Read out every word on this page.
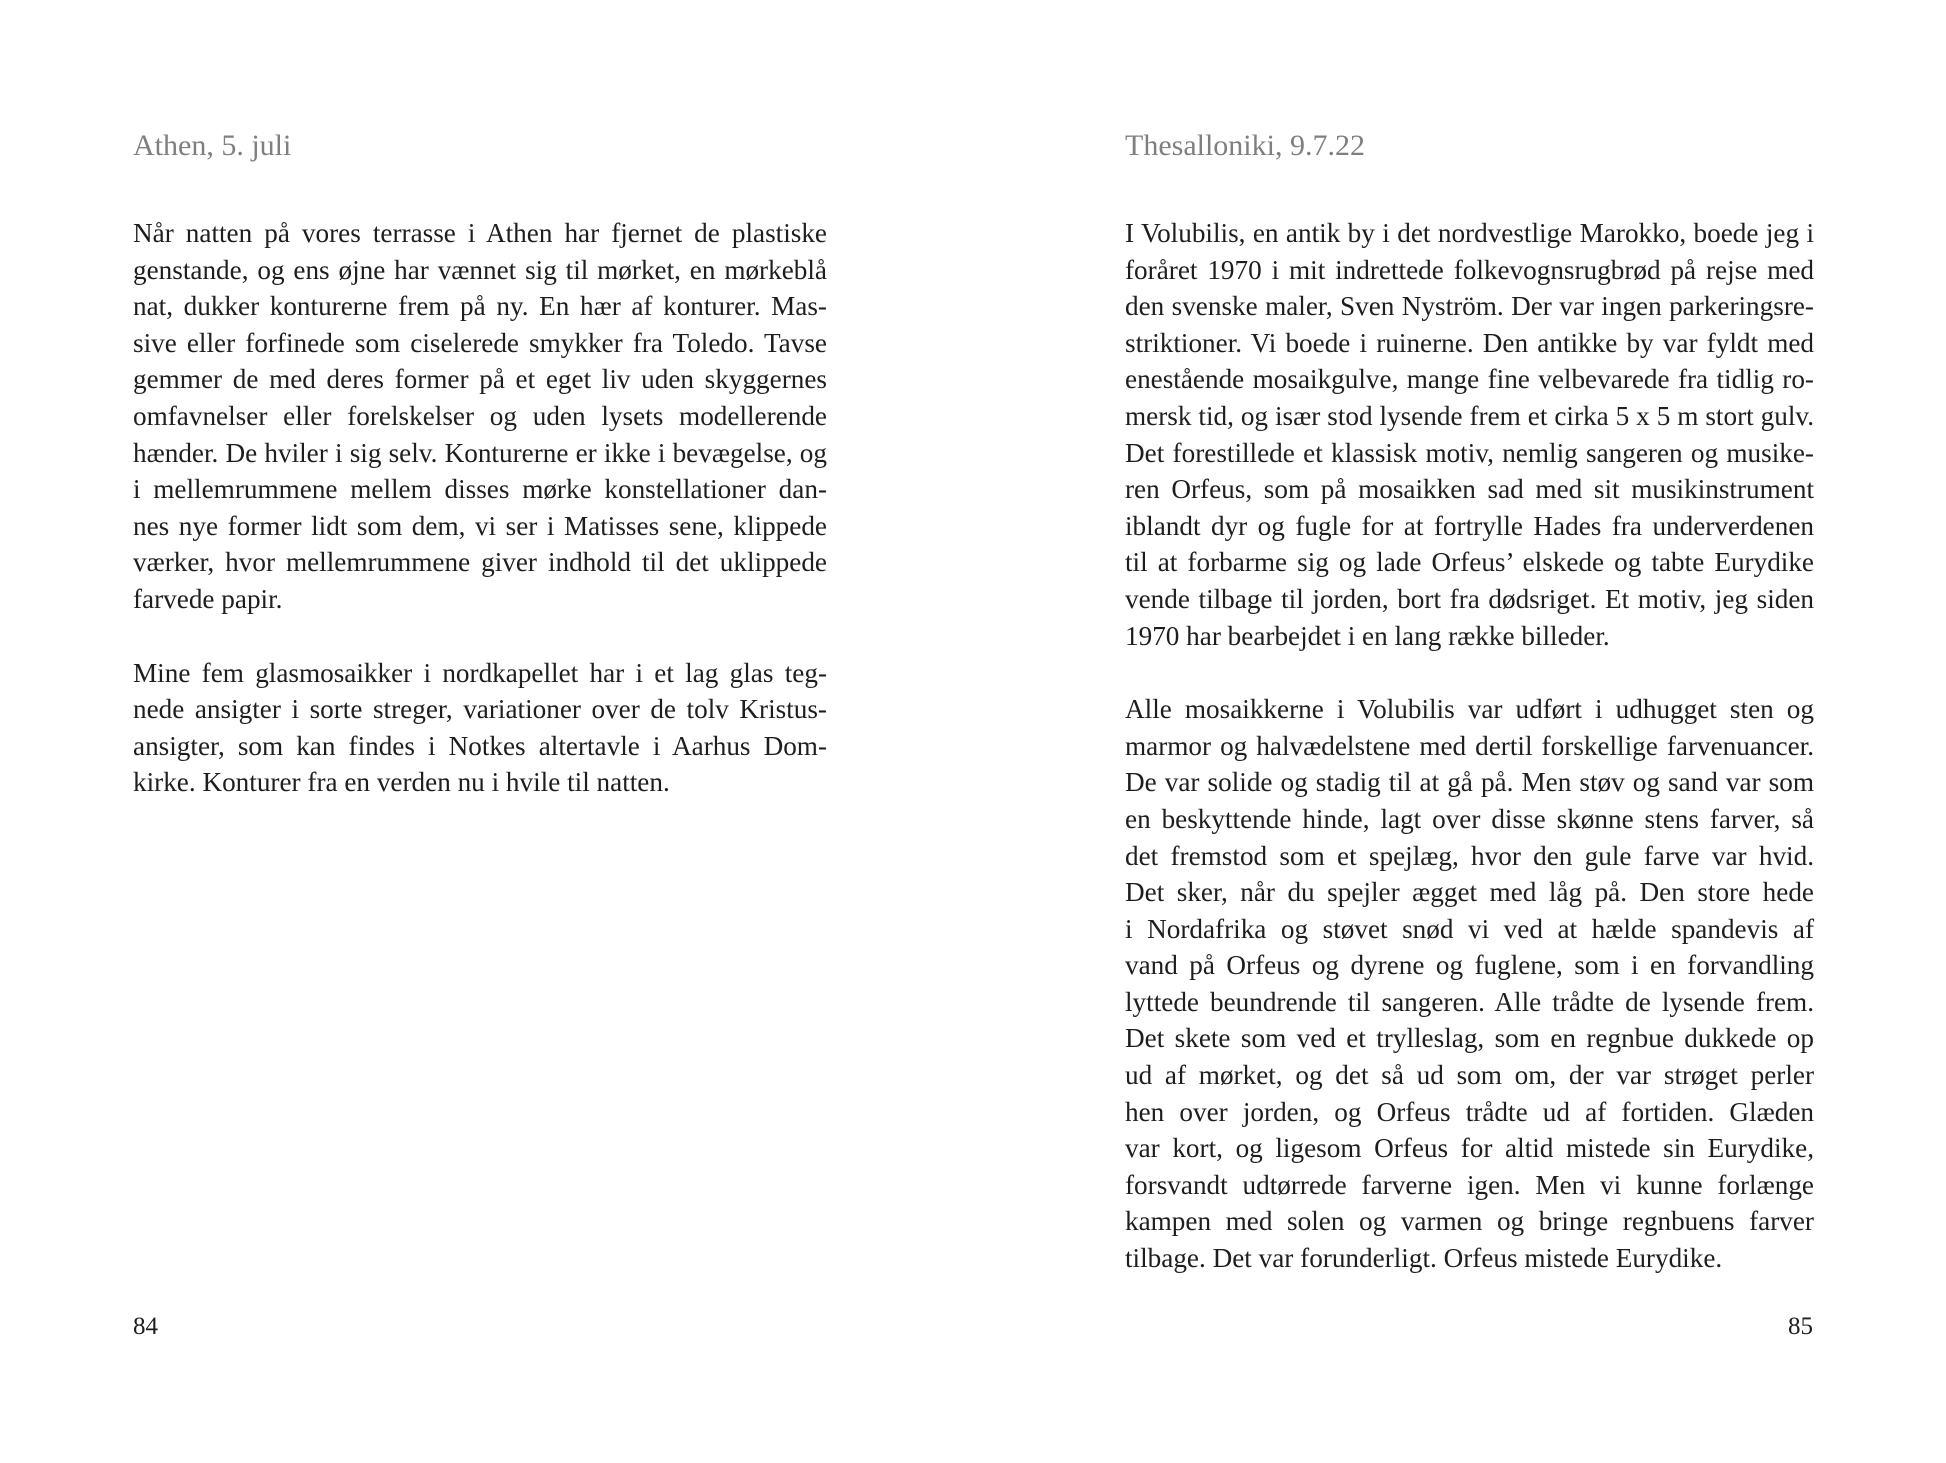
Athen, 5. juli
Når natten på vores terrasse i Athen har fjernet de plastiske
genstande, og ens øjne har vænnet sig til mørket, en mørkeblå
nat, dukker konturerne frem på ny. En hær af konturer. Mas-
sive eller forfinede som ciselerede smykker fra Toledo. Tavse
gemmer de med deres former på et eget liv uden skyggernes
omfavnelser eller forelskelser og uden lysets modellerende
hænder. De hviler i sig selv. Konturerne er ikke i bevægelse, og
i mellemrummene mellem disses mørke konstellationer dan-
nes nye former lidt som dem, vi ser i Matisses sene, klippede
værker, hvor mellemrummene giver indhold til det uklippede
farvede papir.
Mine fem glasmosaikker i nordkapellet har i et lag glas teg-
nede ansigter i sorte streger, variationer over de tolv Kristus-
ansigter, som kan findes i Notkes altertavle i Aarhus Dom-
kirke. Konturer fra en verden nu i hvile til natten.
84
Thesalloniki, 9.7.22
I Volubilis, en antik by i det nordvestlige Marokko, boede jeg i
foråret 1970 i mit indrettede folkevognsrugbrød på rejse med
den svenske maler, Sven Nyström. Der var ingen parkeringsre-
striktioner. Vi boede i ruinerne. Den antikke by var fyldt med
enestående mosaikgulve, mange fine velbevarede fra tidlig ro-
mersk tid, og især stod lysende frem et cirka 5 x 5 m stort gulv.
Det forestillede et klassisk motiv, nemlig sangeren og musike-
ren Orfeus, som på mosaikken sad med sit musikinstrument
iblandt dyr og fugle for at fortrylle Hades fra underverdenen
til at forbarme sig og lade Orfeus’ elskede og tabte Eurydike
vende tilbage til jorden, bort fra dødsriget. Et motiv, jeg siden
1970 har bearbejdet i en lang række billeder.
Alle mosaikkerne i Volubilis var udført i udhugget sten og
marmor og halvædelstene med dertil forskellige farvenuancer.
De var solide og stadig til at gå på. Men støv og sand var som
en beskyttende hinde, lagt over disse skønne stens farver, så
det fremstod som et spejlæg, hvor den gule farve var hvid.
Det sker, når du spejler ægget med låg på. Den store hede
i Nordafrika og støvet snød vi ved at hælde spandevis af
vand på Orfeus og dyrene og fuglene, som i en forvandling
lyttede beundrende til sangeren. Alle trådte de lysende frem.
Det skete som ved et trylleslag, som en regnbue dukkede op
ud af mørket, og det så ud som om, der var strøget perler
hen over jorden, og Orfeus trådte ud af fortiden. Glæden
var kort, og ligesom Orfeus for altid mistede sin Eurydike,
forsvandt udtørrede farverne igen. Men vi kunne forlænge
kampen med solen og varmen og bringe regnbuens farver
tilbage. Det var forunderligt. Orfeus mistede Eurydike.
85
